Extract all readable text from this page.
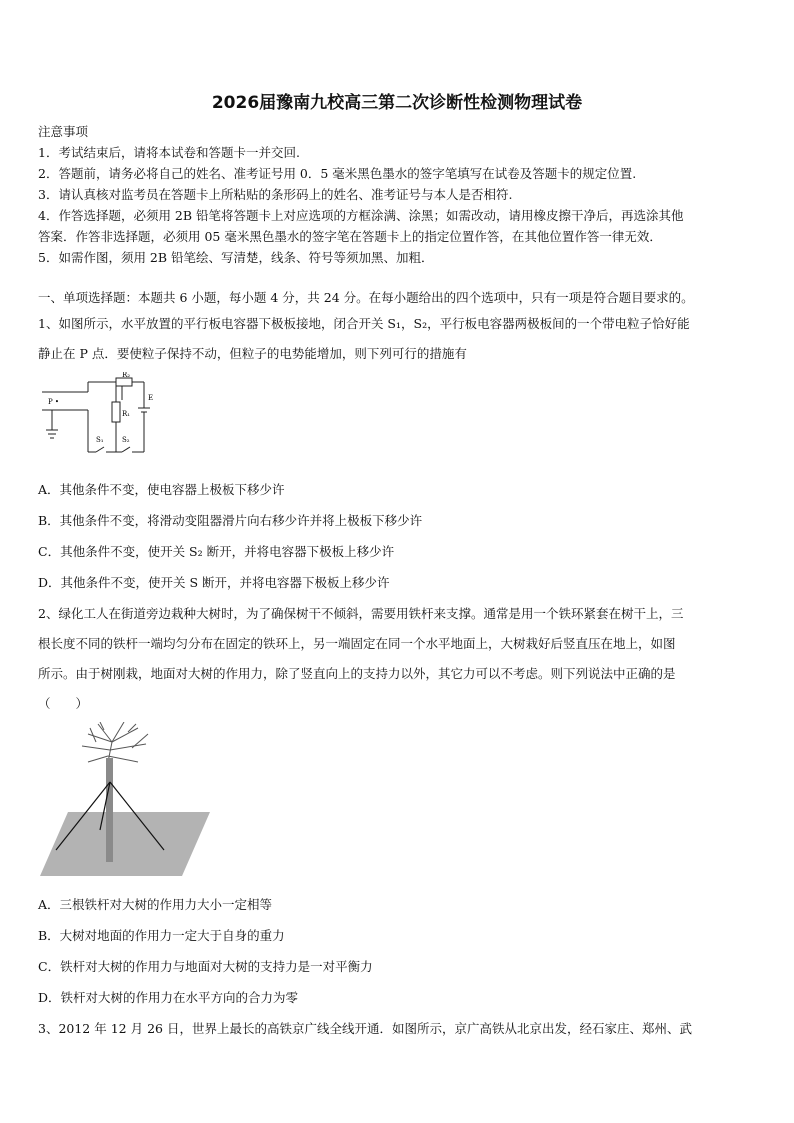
2026届豫南九校高三第二次诊断性检测物理试卷
注意事项
1．考试结束后，请将本试卷和答题卡一并交回.
2．答题前，请务必将自己的姓名、准考证号用 0．5 毫米黑色墨水的签字笔填写在试卷及答题卡的规定位置.
3．请认真核对监考员在答题卡上所粘贴的条形码上的姓名、准考证号与本人是否相符.
4．作答选择题，必须用 2B 铅笔将答题卡上对应选项的方框涂满、涂黑；如需改动，请用橡皮擦干净后，再选涂其他
答案．作答非选择题，必须用 05 毫米黑色墨水的签字笔在答题卡上的指定位置作答，在其他位置作答一律无效．
5．如需作图，须用 2B 铅笔绘、写清楚，线条、符号等须加黑、加粗．
一、单项选择题：本题共 6 小题，每小题 4 分，共 24 分。在每小题给出的四个选项中，只有一项是符合题目要求的。
1、如图所示，水平放置的平行板电容器下极板接地，闭合开关 S₁，S₂，平行板电容器两极板间的一个带电粒子恰好能
静止在 P 点．要使粒子保持不动，但粒子的电势能增加，则下列可行的措施有
P •
R₂
R₁
E
S₁	S₂
A．其他条件不变，使电容器上极板下移少许
B．其他条件不变，将滑动变阻器滑片向右移少许并将上极板下移少许
C．其他条件不变，使开关 S₂ 断开，并将电容器下极板上移少许
D．其他条件不变，使开关 S 断开，并将电容器下极板上移少许
2、绿化工人在街道旁边栽种大树时，为了确保树干不倾斜，需要用铁杆来支撑。通常是用一个铁环紧套在树干上，三
根长度不同的铁杆一端均匀分布在固定的铁环上，另一端固定在同一个水平地面上，大树栽好后竖直压在地上，如图
所示。由于树刚栽，地面对大树的作用力，除了竖直向上的支持力以外，其它力可以不考虑。则下列说法中正确的是
（　　）
A．三根铁杆对大树的作用力大小一定相等
B．大树对地面的作用力一定大于自身的重力
C．铁杆对大树的作用力与地面对大树的支持力是一对平衡力
D．铁杆对大树的作用力在水平方向的合力为零
3、2012 年 12 月 26 日，世界上最长的高铁京广线全线开通．如图所示，京广高铁从北京出发，经石家庄、郑州、武
